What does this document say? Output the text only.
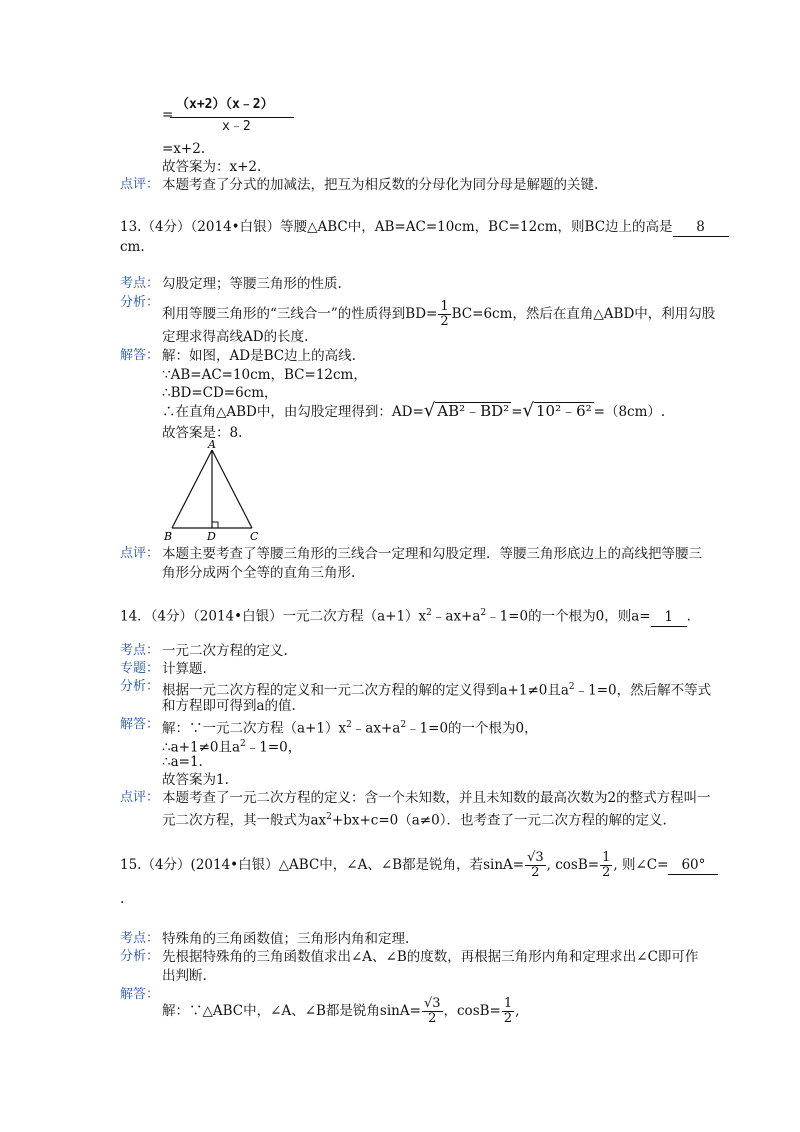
=
（x+2）（x﹣2）
x﹣2
=x+2.
故答案为：x+2.
点评： 本题考查了分式的加减法，把互为相反数的分母化为同分母是解题的关键.
13.（4分）（2014•白银）等腰△ABC中，AB=AC=10cm，BC=12cm，则BC边上的高是 8
cm.
考点： 勾股定理；等腰三角形的性质.
分析：
利用等腰三角形的“三线合一”的性质得到$BD= \frac{1}{2} BC=6cm$，然后在直角△ABD中，利用勾股
定理求得高线AD的长度.
解答： 解：如图，AD是BC边上的高线.
∵AB=AC=10cm，BC=12cm，
∴BD=CD=6cm，
∴在直角△ABD中，由勾股定理得到：AD=√ AB²﹣BD² =√ 10²﹣6² =（8cm）.
故答案是：8.
A
B	D	C
点评： 本题主要考查了等腰三角形的三线合一定理和勾股定理．等腰三角形底边上的高线把等腰三
角形分成两个全等的直角三角形.
14．（4分）（2014•白银）一元二次方程$(a+1)x^2﹣ax+a^2﹣1=0$的一个根为0，则a= 1 .
考点： 一元二次方程的定义.
专题： 计算题.
分析： 根据一元二次方程的定义和一元二次方程的解的定义得到a+1≠0且$a^2﹣1=0$，然后解不等式
和方程即可得到a的值.
解答： 解：∵一元二次方程$(a+1)x^2﹣ax+a^2﹣1=0$的一个根为0，
∴a+1≠0且$a^2﹣1=0$，
∴a=1.
故答案为1.
点评： 本题考查了一元二次方程的定义：含一个未知数，并且未知数的最高次数为2的整式方程叫一
元二次方程，其一般式为$ax^2+bx+c=0(a\ne 0)$．也考查了一元二次方程的解的定义.
15.（4分）(2014•白银）△ABC中，∠A、∠B都是锐角，若$\sin A= \frac{√3}{2}$ , $\cos B= \frac{1}{2}$ , 则∠C= 60°
.
考点： 特殊角的三角函数值；三角形内角和定理.
分析： 先根据特殊角的三角函数值求出∠A、∠B的度数，再根据三角形内角和定理求出∠C即可作
出判断.
解答：
解：∵△ABC中，∠A、∠B都是锐角$\sin A= \frac{√3}{2}$ ，$\cos B= \frac{1}{2}$ ,
